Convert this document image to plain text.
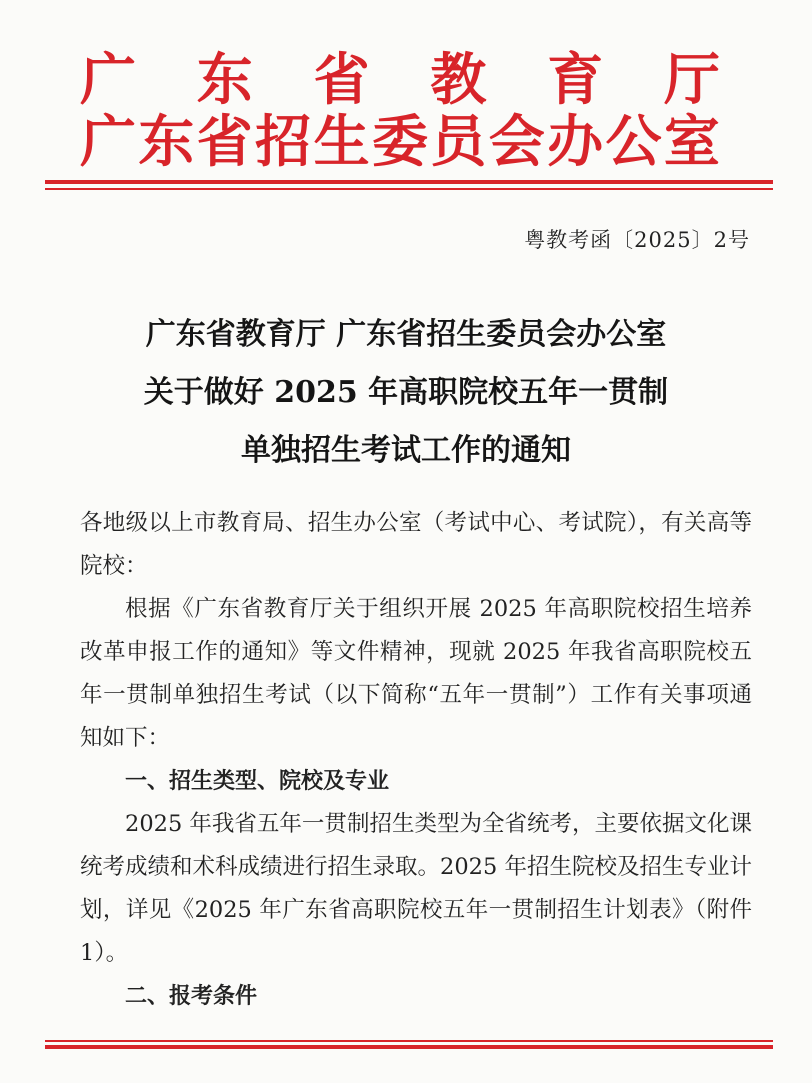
广 东 省 教 育 厅
广 东 省 招 生 委 员 会 办 公 室
粤教考函〔2025〕2号
广东省教育厅 广东省招生委员会办公室
关于做好 2025 年高职院校五年一贯制
单独招生考试工作的通知

各地级以上市教育局、招生办公室（考试中心、考试院），有关高等院校：

根据《广东省教育厅关于组织开展 2025 年高职院校招生培养改革申报工作的通知》等文件精神，现就 2025 年我省高职院校五年一贯制单独招生考试（以下简称“五年一贯制”）工作有关事项通知如下：

一、招生类型、院校及专业

2025 年我省五年一贯制招生类型为全省统考，主要依据文化课统考成绩和术科成绩进行招生录取。2025 年招生院校及招生专业计划，详见《2025 年广东省高职院校五年一贯制招生计划表》（附件 1）。

二、报考条件
